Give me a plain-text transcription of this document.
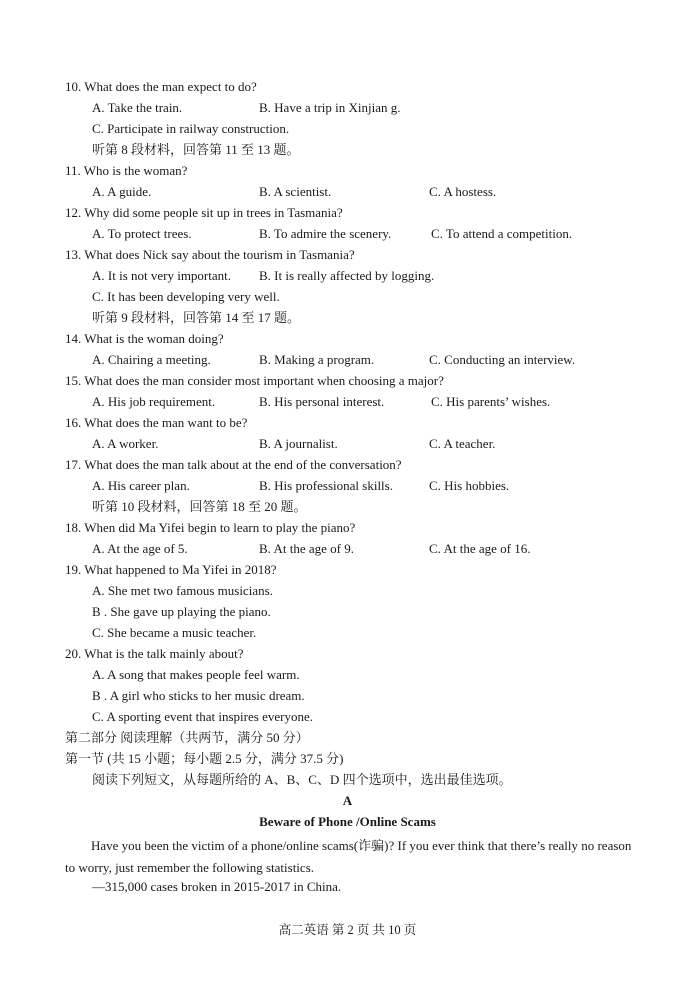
10. What does the man expect to do?
A. Take the train.	B. Have a trip in Xinjian g.
C. Participate in railway construction.
听第 8 段材料，回答第 11 至 13 题。
11. Who is the woman?
A. A guide.	B. A scientist.	C. A hostess.
12. Why did some people sit up in trees in Tasmania?
A. To protect trees.	B. To admire the scenery.	C. To attend a competition.
13. What does Nick say about the tourism in Tasmania?
A. It is not very important. B. It is really affected by logging.
C. It has been developing very well.
听第 9 段材料，回答第 14 至 17 题。
14. What is the woman doing?
A. Chairing a meeting.	B. Making a program.	C. Conducting an interview.
15. What does the man consider most important when choosing a major?
A. His job requirement.	B. His personal interest.	C. His parents’ wishes.
16. What does the man want to be?
A. A worker.	B. A journalist.	C. A teacher.
17. What does the man talk about at the end of the conversation?
A. His career plan.	B. His professional skills.	C. His hobbies.
听第 10 段材料，回答第 18 至 20 题。
18. When did Ma Yifei begin to learn to play the piano?
A. At the age of 5.	B. At the age of 9.	C. At the age of 16.
19. What happened to Ma Yifei in 2018?
A. She met two famous musicians.
B . She gave up playing the piano.
C. She became a music teacher.
20. What is the talk mainly about?
A. A song that makes people feel warm.
B . A girl who sticks to her music dream.
C. A sporting event that inspires everyone.
第二部分 阅读理解（共两节，满分 50 分）
第一节 (共 15 小题；每小题 2.5 分，满分 37.5 分)
阅读下列短文，从每题所给的 A、B、C、D 四个选项中，选出最佳选项。
A
Beware of Phone /Online Scams
Have you been the victim of a phone/online scams(诈骗)? If you ever think that there’s really no reason to worry, just remember the following statistics.
—315,000 cases broken in 2015-2017 in China.
高二英语 第 2 页 共 10 页
